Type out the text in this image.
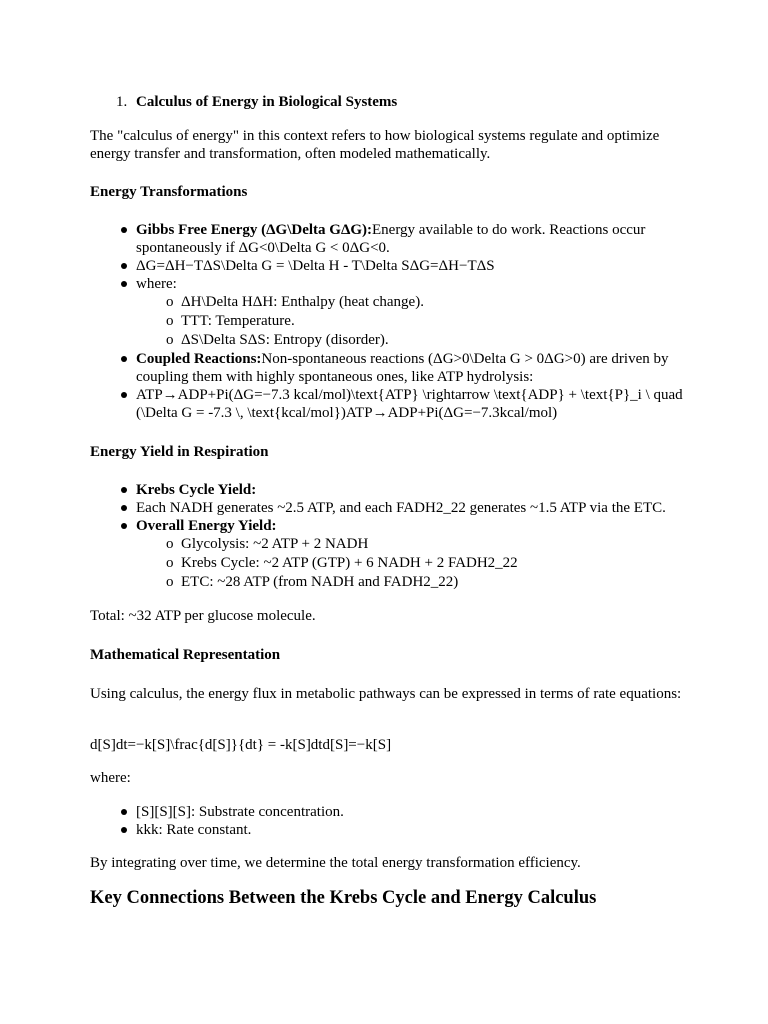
1. Calculus of Energy in Biological Systems
The "calculus of energy" in this context refers to how biological systems regulate and optimize energy transfer and transformation, often modeled mathematically.
Energy Transformations
Gibbs Free Energy (ΔG\Delta GΔG):Energy available to do work. Reactions occur spontaneously if ΔG<0\Delta G < 0ΔG<0.
ΔG=ΔH−TΔS\Delta G = \Delta H - T\Delta SΔG=ΔH−TΔS
where:
o ΔH\Delta HΔH: Enthalpy (heat change).
o TTT: Temperature.
o ΔS\Delta SΔS: Entropy (disorder).
Coupled Reactions:Non-spontaneous reactions (ΔG>0\Delta G > 0ΔG>0) are driven by coupling them with highly spontaneous ones, like ATP hydrolysis:
ATP→ADP+Pi(ΔG=−7.3 kcal/mol)\text{ATP} \rightarrow \text{ADP} + \text{P}_i \ quad (\Delta G = -7.3 \, \text{kcal/mol})ATP→ADP+Pi(ΔG=−7.3kcal/mol)
Energy Yield in Respiration
Krebs Cycle Yield:
Each NADH generates ~2.5 ATP, and each FADH2_22 generates ~1.5 ATP via the ETC.
Overall Energy Yield:
o Glycolysis: ~2 ATP + 2 NADH
o Krebs Cycle: ~2 ATP (GTP) + 6 NADH + 2 FADH2_22
o ETC: ~28 ATP (from NADH and FADH2_22)
Total: ~32 ATP per glucose molecule.
Mathematical Representation
Using calculus, the energy flux in metabolic pathways can be expressed in terms of rate equations:
d[S]dt=−k[S]\frac{d[S]}{dt} = -k[S]dtd[S]=−k[S]
where:
[S][S][S]: Substrate concentration.
kkk: Rate constant.
By integrating over time, we determine the total energy transformation efficiency.
Key Connections Between the Krebs Cycle and Energy Calculus
